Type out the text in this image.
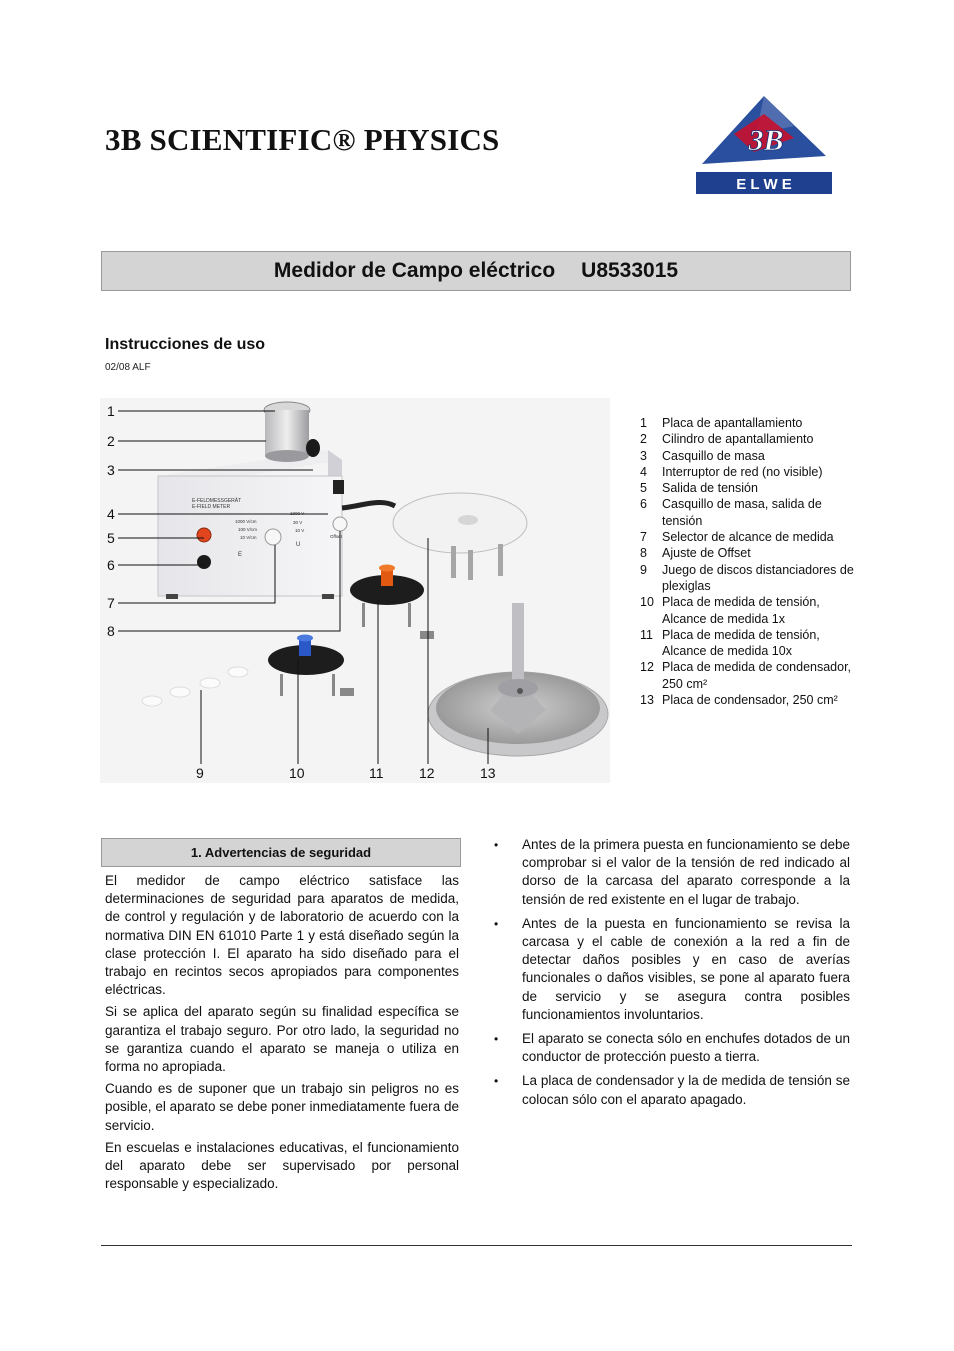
3B SCIENTIFIC® PHYSICS	3B
E L W E
Medidor de Campo eléctrico U8533015
Instrucciones de uso
02/08 ALF
E-FELDMESSGERÄT
E-FIELD METER
1000 V/cm
100 V/cm
10 V/cm
1000 V
30 V
10 V
E
U
Offset
1
2
3
4
5
6
7
8
9	10	11	12	13
1	Placa de apantallamiento
2	Cilindro de apantallamiento
3	Casquillo de masa
4	Interruptor de red (no visible)
5	Salida de tensión
6	Casquillo de masa, salida de tensión
7	Selector de alcance de medida
8	Ajuste de Offset
9	Juego de discos distanciadores de plexiglas
10 Placa de medida de tensión, Alcance de medida 1x
11 Placa de medida de tensión, Alcance de medida 10x
12 Placa de medida de condensador, 250 cm²
13 Placa de condensador, 250 cm²
1. Advertencias de seguridad

El medidor de campo eléctrico satisface las determinaciones de seguridad para aparatos de medida, de control y regulación y de laboratorio de acuerdo con la normativa DIN EN 61010 Parte 1 y está diseñado según la clase protección I. El aparato ha sido diseñado para el trabajo en recintos secos apropiados para componentes eléctricas.

Si se aplica del aparato según su finalidad específica se garantiza el trabajo seguro. Por otro lado, la seguridad no se garantiza cuando el aparato se maneja o utiliza en forma no apropiada.

Cuando es de suponer que un trabajo sin peligros no es posible, el aparato se debe poner inmediatamente fuera de servicio.

En escuelas e instalaciones educativas, el funcionamiento del aparato debe ser supervisado por personal responsable y especializado.

•	Antes de la primera puesta en funcionamiento se debe comprobar si el valor de la tensión de red indicado al dorso de la carcasa del aparato corresponde a la tensión de red existente en el lugar de trabajo.
•	Antes de la puesta en funcionamiento se revisa la carcasa y el cable de conexión a la red a fin de detectar daños posibles y en caso de averías funcionales o daños visibles, se pone al aparato fuera de servicio y se asegura contra posibles funcionamientos involuntarios.
•	El aparato se conecta sólo en enchufes dotados de un conductor de protección puesto a tierra.
•	La placa de condensador y la de medida de tensión se colocan sólo con el aparato apagado.
